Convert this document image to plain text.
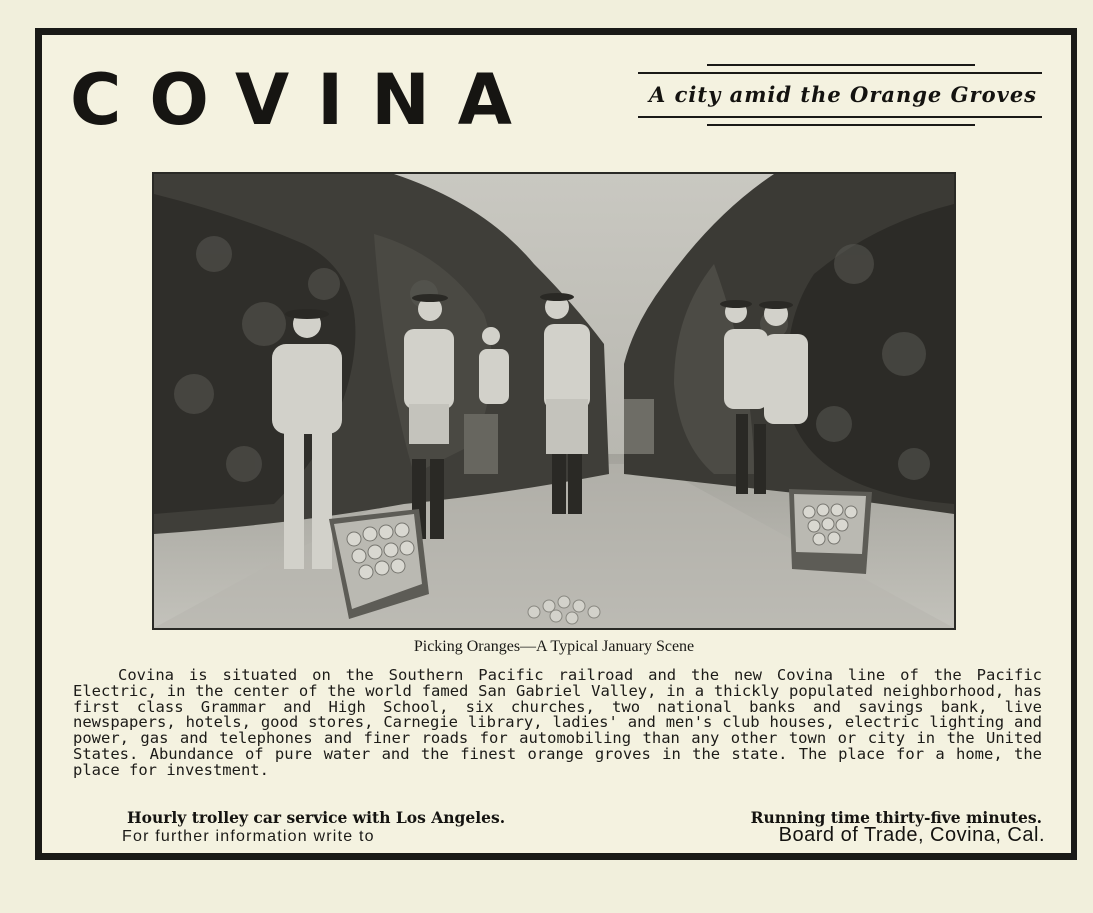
COVINA	A city amid the Orange Groves
Picking Oranges—A Typical January Scene
Covina is situated on the Southern Pacific railroad and the new Covina line of the Pacific Electric, in the center of the world famed San Gabriel Valley, in a thickly populated neighborhood, has first class Grammar and High School, six churches, two national banks and savings bank, live newspapers, hotels, good stores, Carnegie library, ladies' and men's club houses, electric lighting and power, gas and telephones and finer roads for automobiling than any other town or city in the United States. Abundance of pure water and the finest orange groves in the state. The place for a home, the place for investment.
Hourly trolley car service with Los Angeles.	Running time thirty-five minutes.
For further information write to	Board of Trade, Covina, Cal.
